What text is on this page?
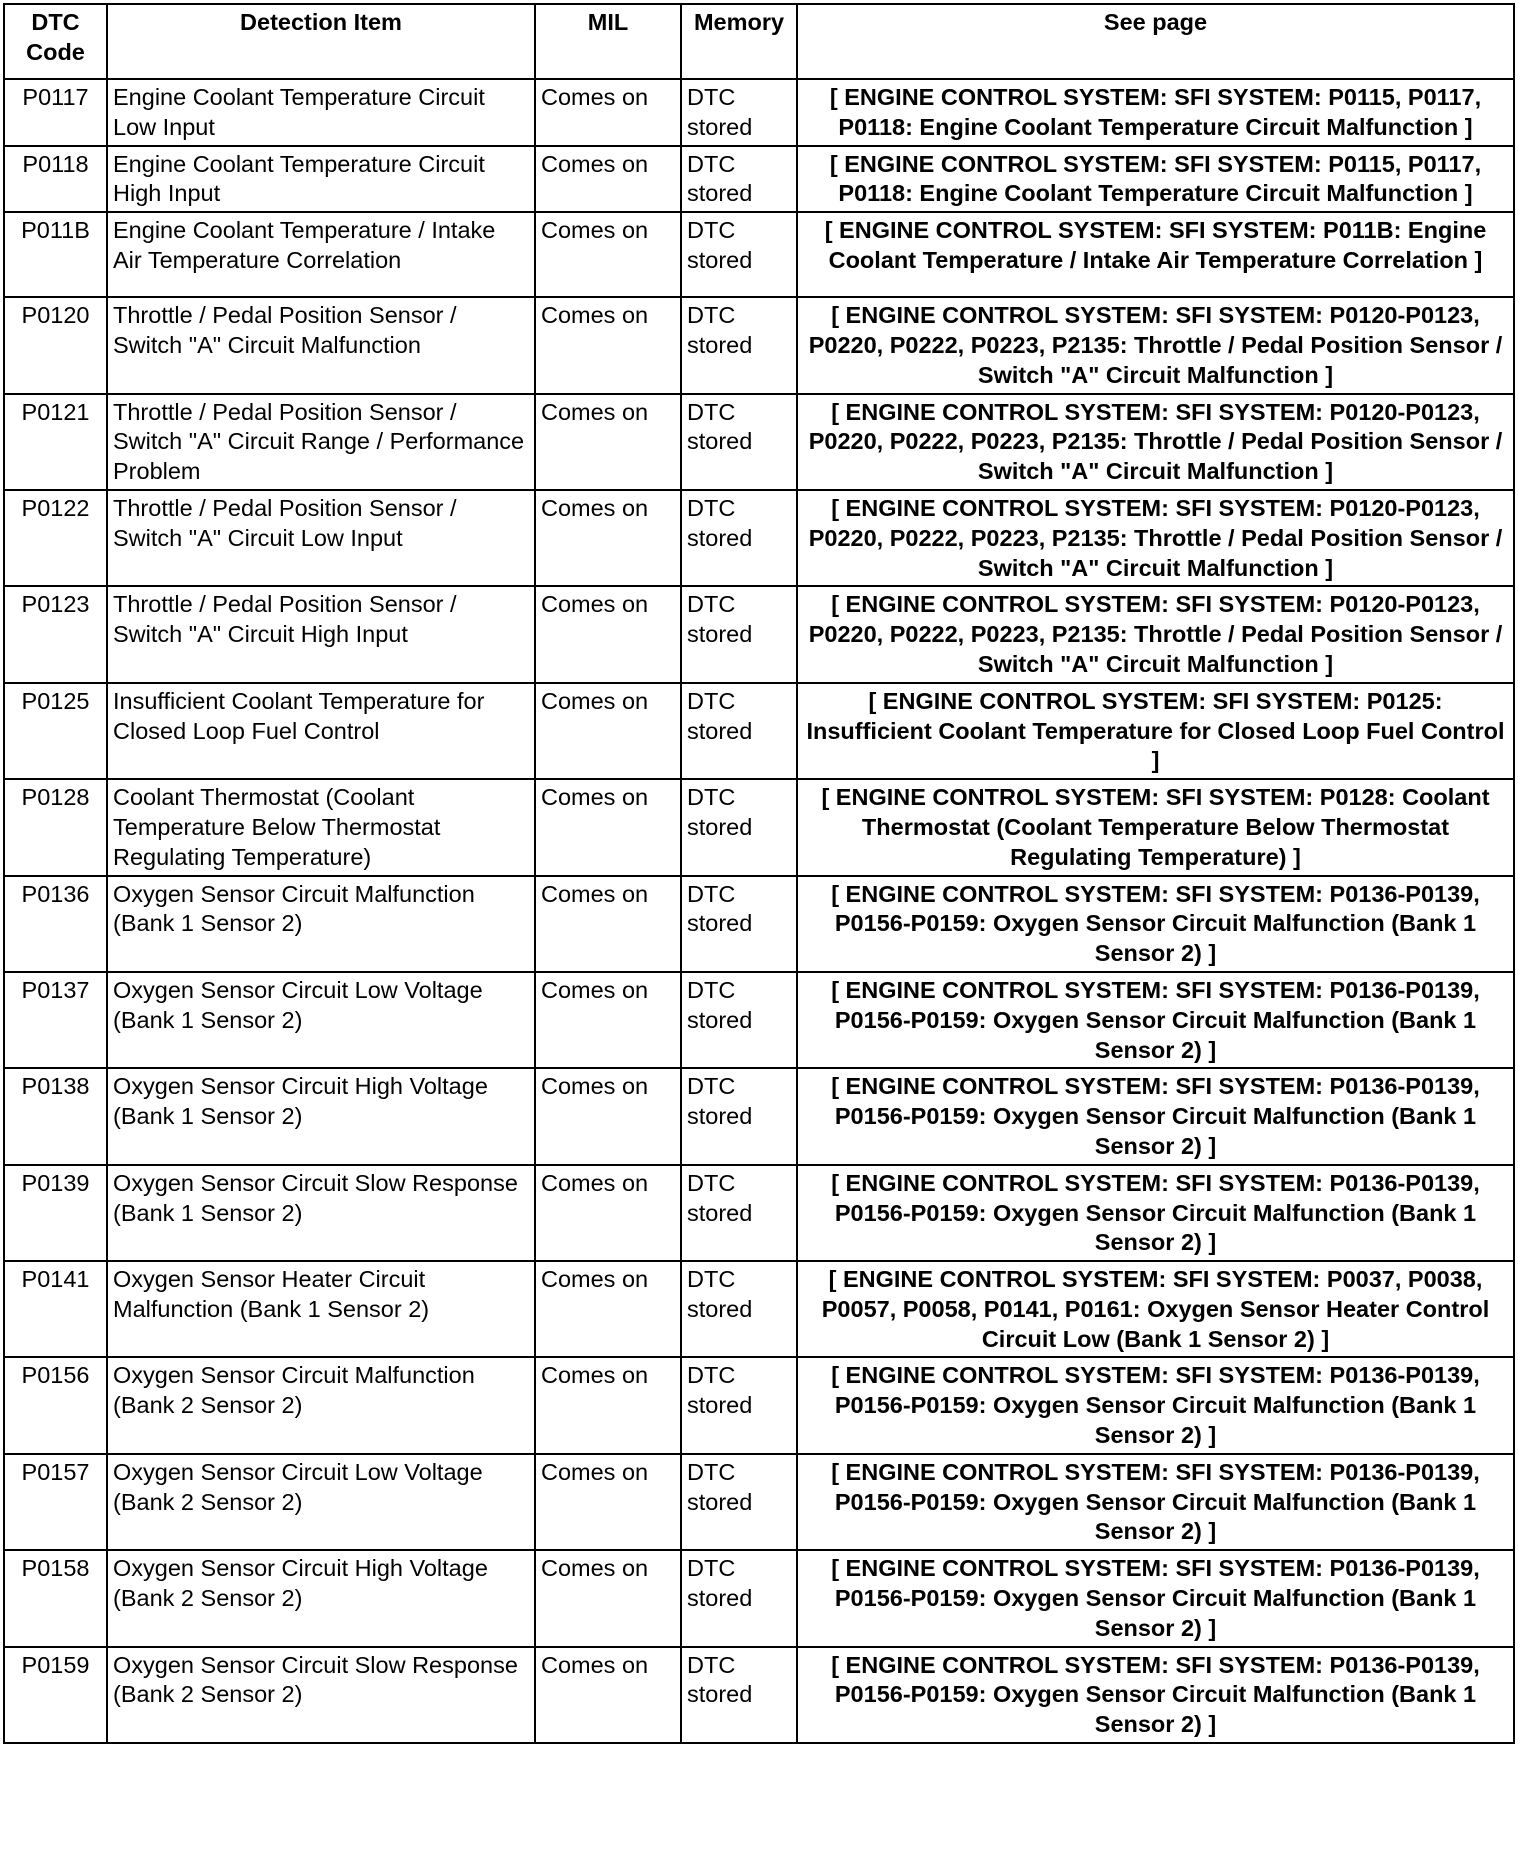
DTC Code	Detection Item	MIL	Memory	See page
P0117	Engine Coolant Temperature Circuit Low Input	Comes on	DTC stored	[ ENGINE CONTROL SYSTEM: SFI SYSTEM: P0115, P0117, P0118: Engine Coolant Temperature Circuit Malfunction ]
P0118	Engine Coolant Temperature Circuit High Input	Comes on	DTC stored	[ ENGINE CONTROL SYSTEM: SFI SYSTEM: P0115, P0117, P0118: Engine Coolant Temperature Circuit Malfunction ]
P011B	Engine Coolant Temperature / Intake Air Temperature Correlation	Comes on	DTC stored	[ ENGINE CONTROL SYSTEM: SFI SYSTEM: P011B: Engine Coolant Temperature / Intake Air Temperature Correlation ]
P0120	Throttle / Pedal Position Sensor / Switch "A" Circuit Malfunction	Comes on	DTC stored	[ ENGINE CONTROL SYSTEM: SFI SYSTEM: P0120-P0123, P0220, P0222, P0223, P2135: Throttle / Pedal Position Sensor / Switch "A" Circuit Malfunction ]
P0121	Throttle / Pedal Position Sensor / Switch "A" Circuit Range / Performance Problem	Comes on	DTC stored	[ ENGINE CONTROL SYSTEM: SFI SYSTEM: P0120-P0123, P0220, P0222, P0223, P2135: Throttle / Pedal Position Sensor / Switch "A" Circuit Malfunction ]
P0122	Throttle / Pedal Position Sensor / Switch "A" Circuit Low Input	Comes on	DTC stored	[ ENGINE CONTROL SYSTEM: SFI SYSTEM: P0120-P0123, P0220, P0222, P0223, P2135: Throttle / Pedal Position Sensor / Switch "A" Circuit Malfunction ]
P0123	Throttle / Pedal Position Sensor / Switch "A" Circuit High Input	Comes on	DTC stored	[ ENGINE CONTROL SYSTEM: SFI SYSTEM: P0120-P0123, P0220, P0222, P0223, P2135: Throttle / Pedal Position Sensor / Switch "A" Circuit Malfunction ]
P0125	Insufficient Coolant Temperature for Closed Loop Fuel Control	Comes on	DTC stored	[ ENGINE CONTROL SYSTEM: SFI SYSTEM: P0125: Insufficient Coolant Temperature for Closed Loop Fuel Control ]
P0128	Coolant Thermostat (Coolant Temperature Below Thermostat Regulating Temperature)	Comes on	DTC stored	[ ENGINE CONTROL SYSTEM: SFI SYSTEM: P0128: Coolant Thermostat (Coolant Temperature Below Thermostat Regulating Temperature) ]
P0136	Oxygen Sensor Circuit Malfunction (Bank 1 Sensor 2)	Comes on	DTC stored	[ ENGINE CONTROL SYSTEM: SFI SYSTEM: P0136-P0139, P0156-P0159: Oxygen Sensor Circuit Malfunction (Bank 1 Sensor 2) ]
P0137	Oxygen Sensor Circuit Low Voltage (Bank 1 Sensor 2)	Comes on	DTC stored	[ ENGINE CONTROL SYSTEM: SFI SYSTEM: P0136-P0139, P0156-P0159: Oxygen Sensor Circuit Malfunction (Bank 1 Sensor 2) ]
P0138	Oxygen Sensor Circuit High Voltage (Bank 1 Sensor 2)	Comes on	DTC stored	[ ENGINE CONTROL SYSTEM: SFI SYSTEM: P0136-P0139, P0156-P0159: Oxygen Sensor Circuit Malfunction (Bank 1 Sensor 2) ]
P0139	Oxygen Sensor Circuit Slow Response (Bank 1 Sensor 2)	Comes on	DTC stored	[ ENGINE CONTROL SYSTEM: SFI SYSTEM: P0136-P0139, P0156-P0159: Oxygen Sensor Circuit Malfunction (Bank 1 Sensor 2) ]
P0141	Oxygen Sensor Heater Circuit Malfunction (Bank 1 Sensor 2)	Comes on	DTC stored	[ ENGINE CONTROL SYSTEM: SFI SYSTEM: P0037, P0038, P0057, P0058, P0141, P0161: Oxygen Sensor Heater Control Circuit Low (Bank 1 Sensor 2) ]
P0156	Oxygen Sensor Circuit Malfunction (Bank 2 Sensor 2)	Comes on	DTC stored	[ ENGINE CONTROL SYSTEM: SFI SYSTEM: P0136-P0139, P0156-P0159: Oxygen Sensor Circuit Malfunction (Bank 1 Sensor 2) ]
P0157	Oxygen Sensor Circuit Low Voltage (Bank 2 Sensor 2)	Comes on	DTC stored	[ ENGINE CONTROL SYSTEM: SFI SYSTEM: P0136-P0139, P0156-P0159: Oxygen Sensor Circuit Malfunction (Bank 1 Sensor 2) ]
P0158	Oxygen Sensor Circuit High Voltage (Bank 2 Sensor 2)	Comes on	DTC stored	[ ENGINE CONTROL SYSTEM: SFI SYSTEM: P0136-P0139, P0156-P0159: Oxygen Sensor Circuit Malfunction (Bank 1 Sensor 2) ]
P0159	Oxygen Sensor Circuit Slow Response (Bank 2 Sensor 2)	Comes on	DTC stored	[ ENGINE CONTROL SYSTEM: SFI SYSTEM: P0136-P0139, P0156-P0159: Oxygen Sensor Circuit Malfunction (Bank 1 Sensor 2) ]
